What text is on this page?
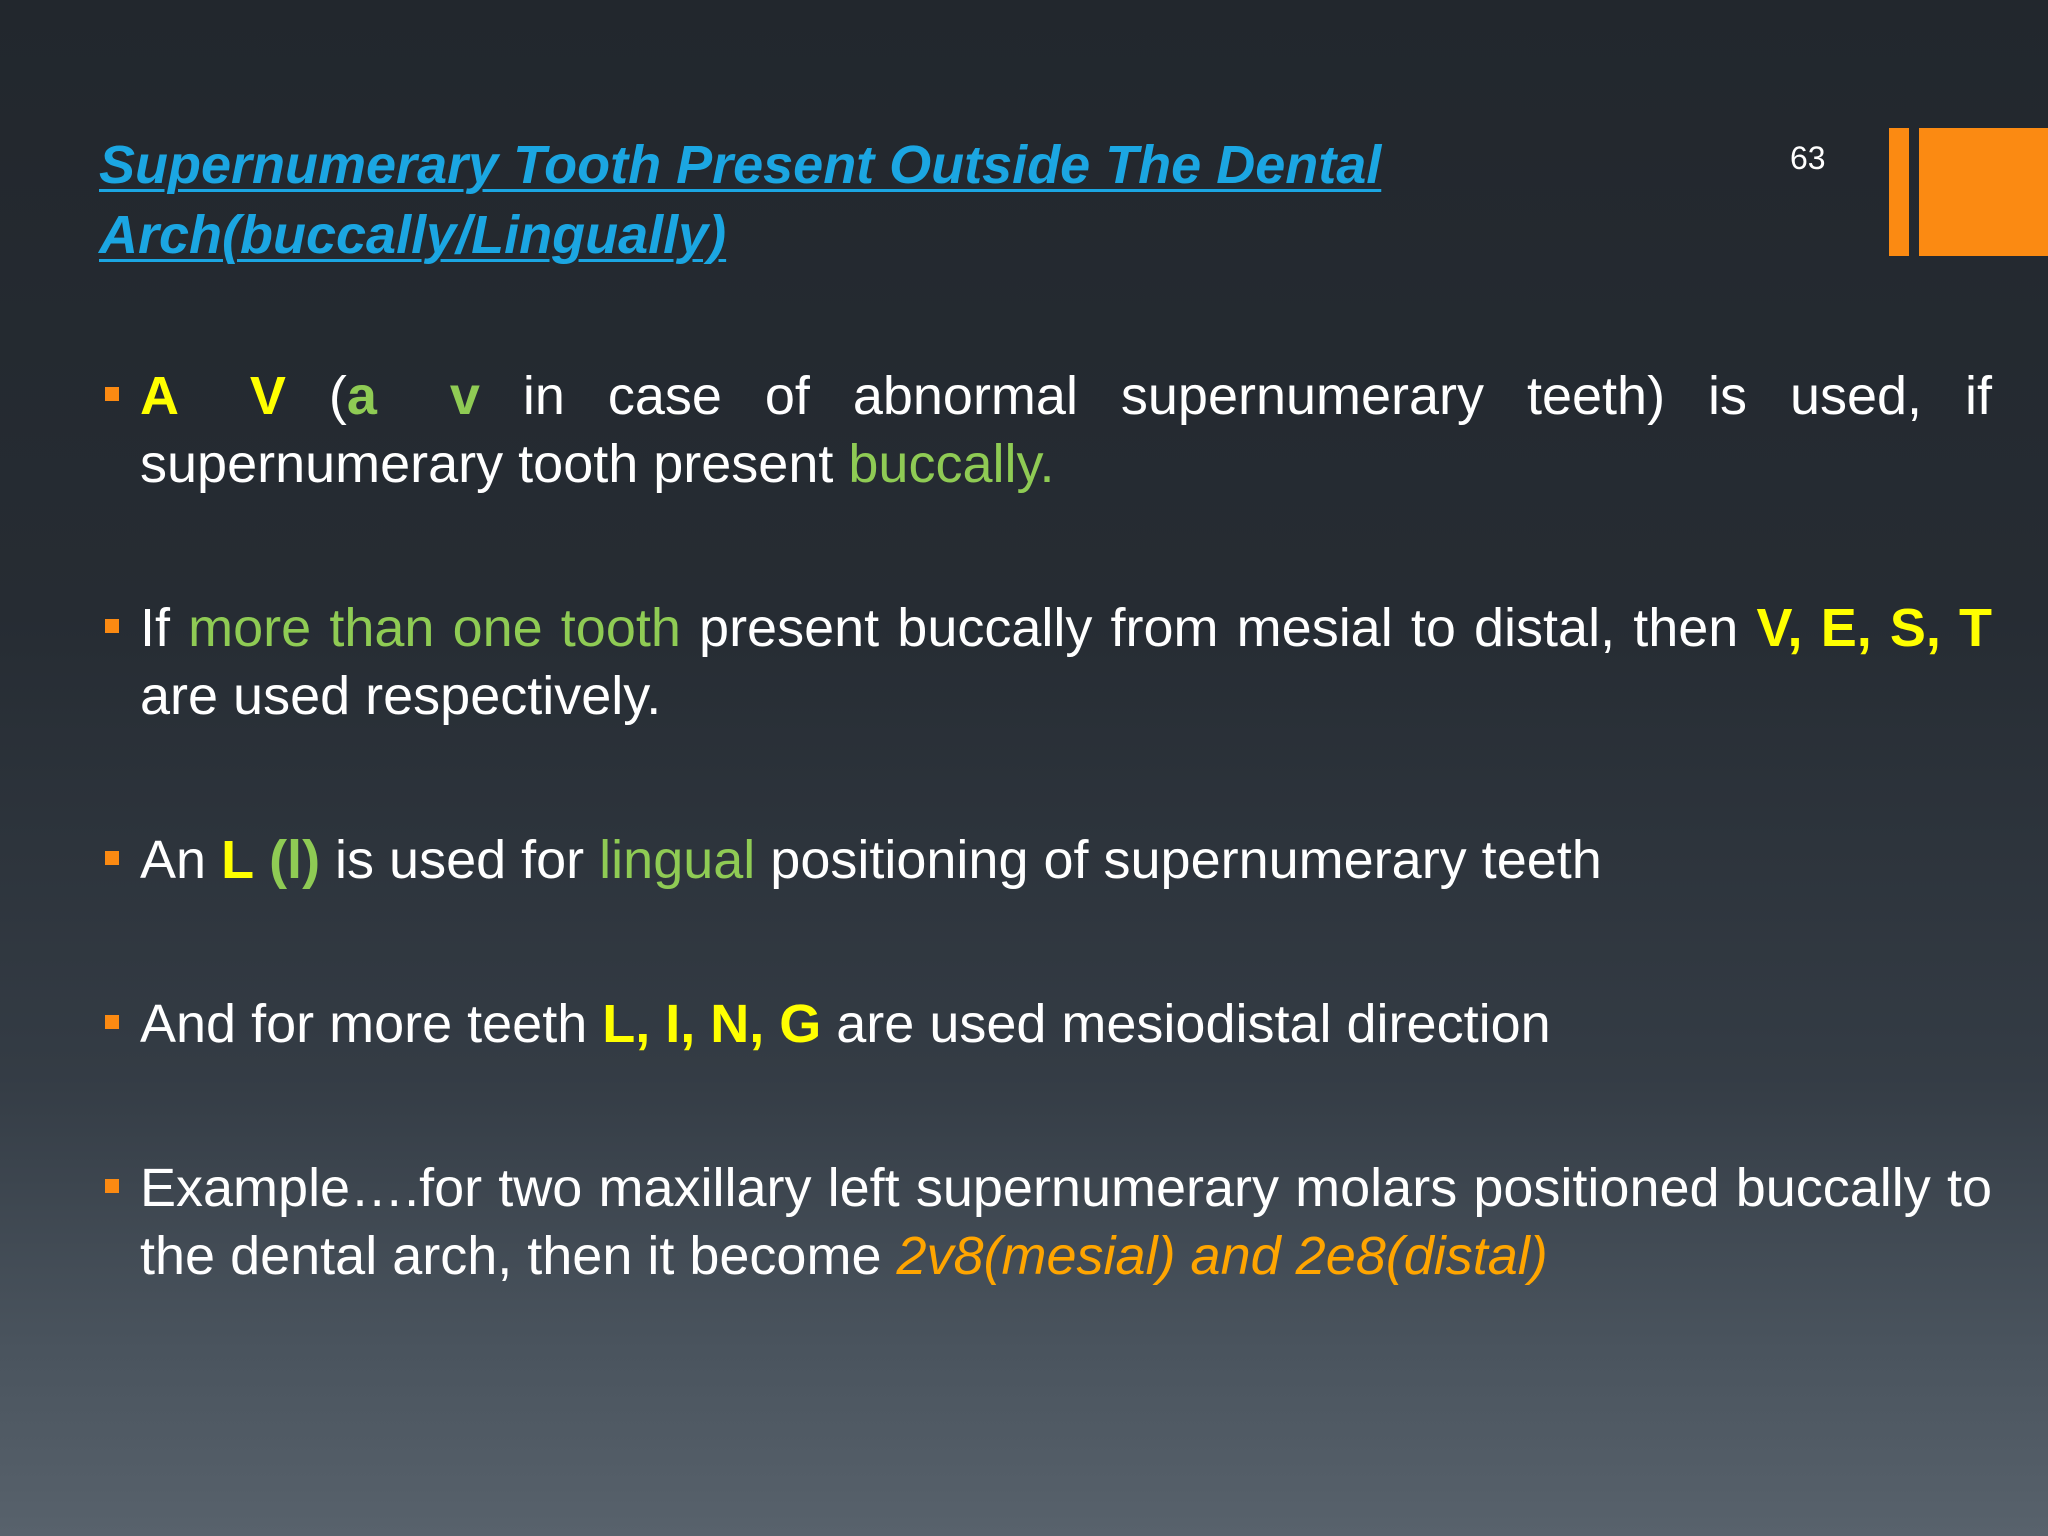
Supernumerary Tooth Present Outside The Dental
Arch(buccally/Lingually)
63
A V (a v in case of abnormal supernumerary teeth) is used, if supernumerary tooth present buccally.
If more than one tooth present buccally from mesial to distal, then V, E, S, T are used respectively.
An L (l) is used for lingual positioning of supernumerary teeth
And for more teeth L, I, N, G are used mesiodistal direction
Example….for two maxillary left supernumerary molars positioned buccally to the dental arch, then it become 2v8(mesial) and 2e8(distal)
